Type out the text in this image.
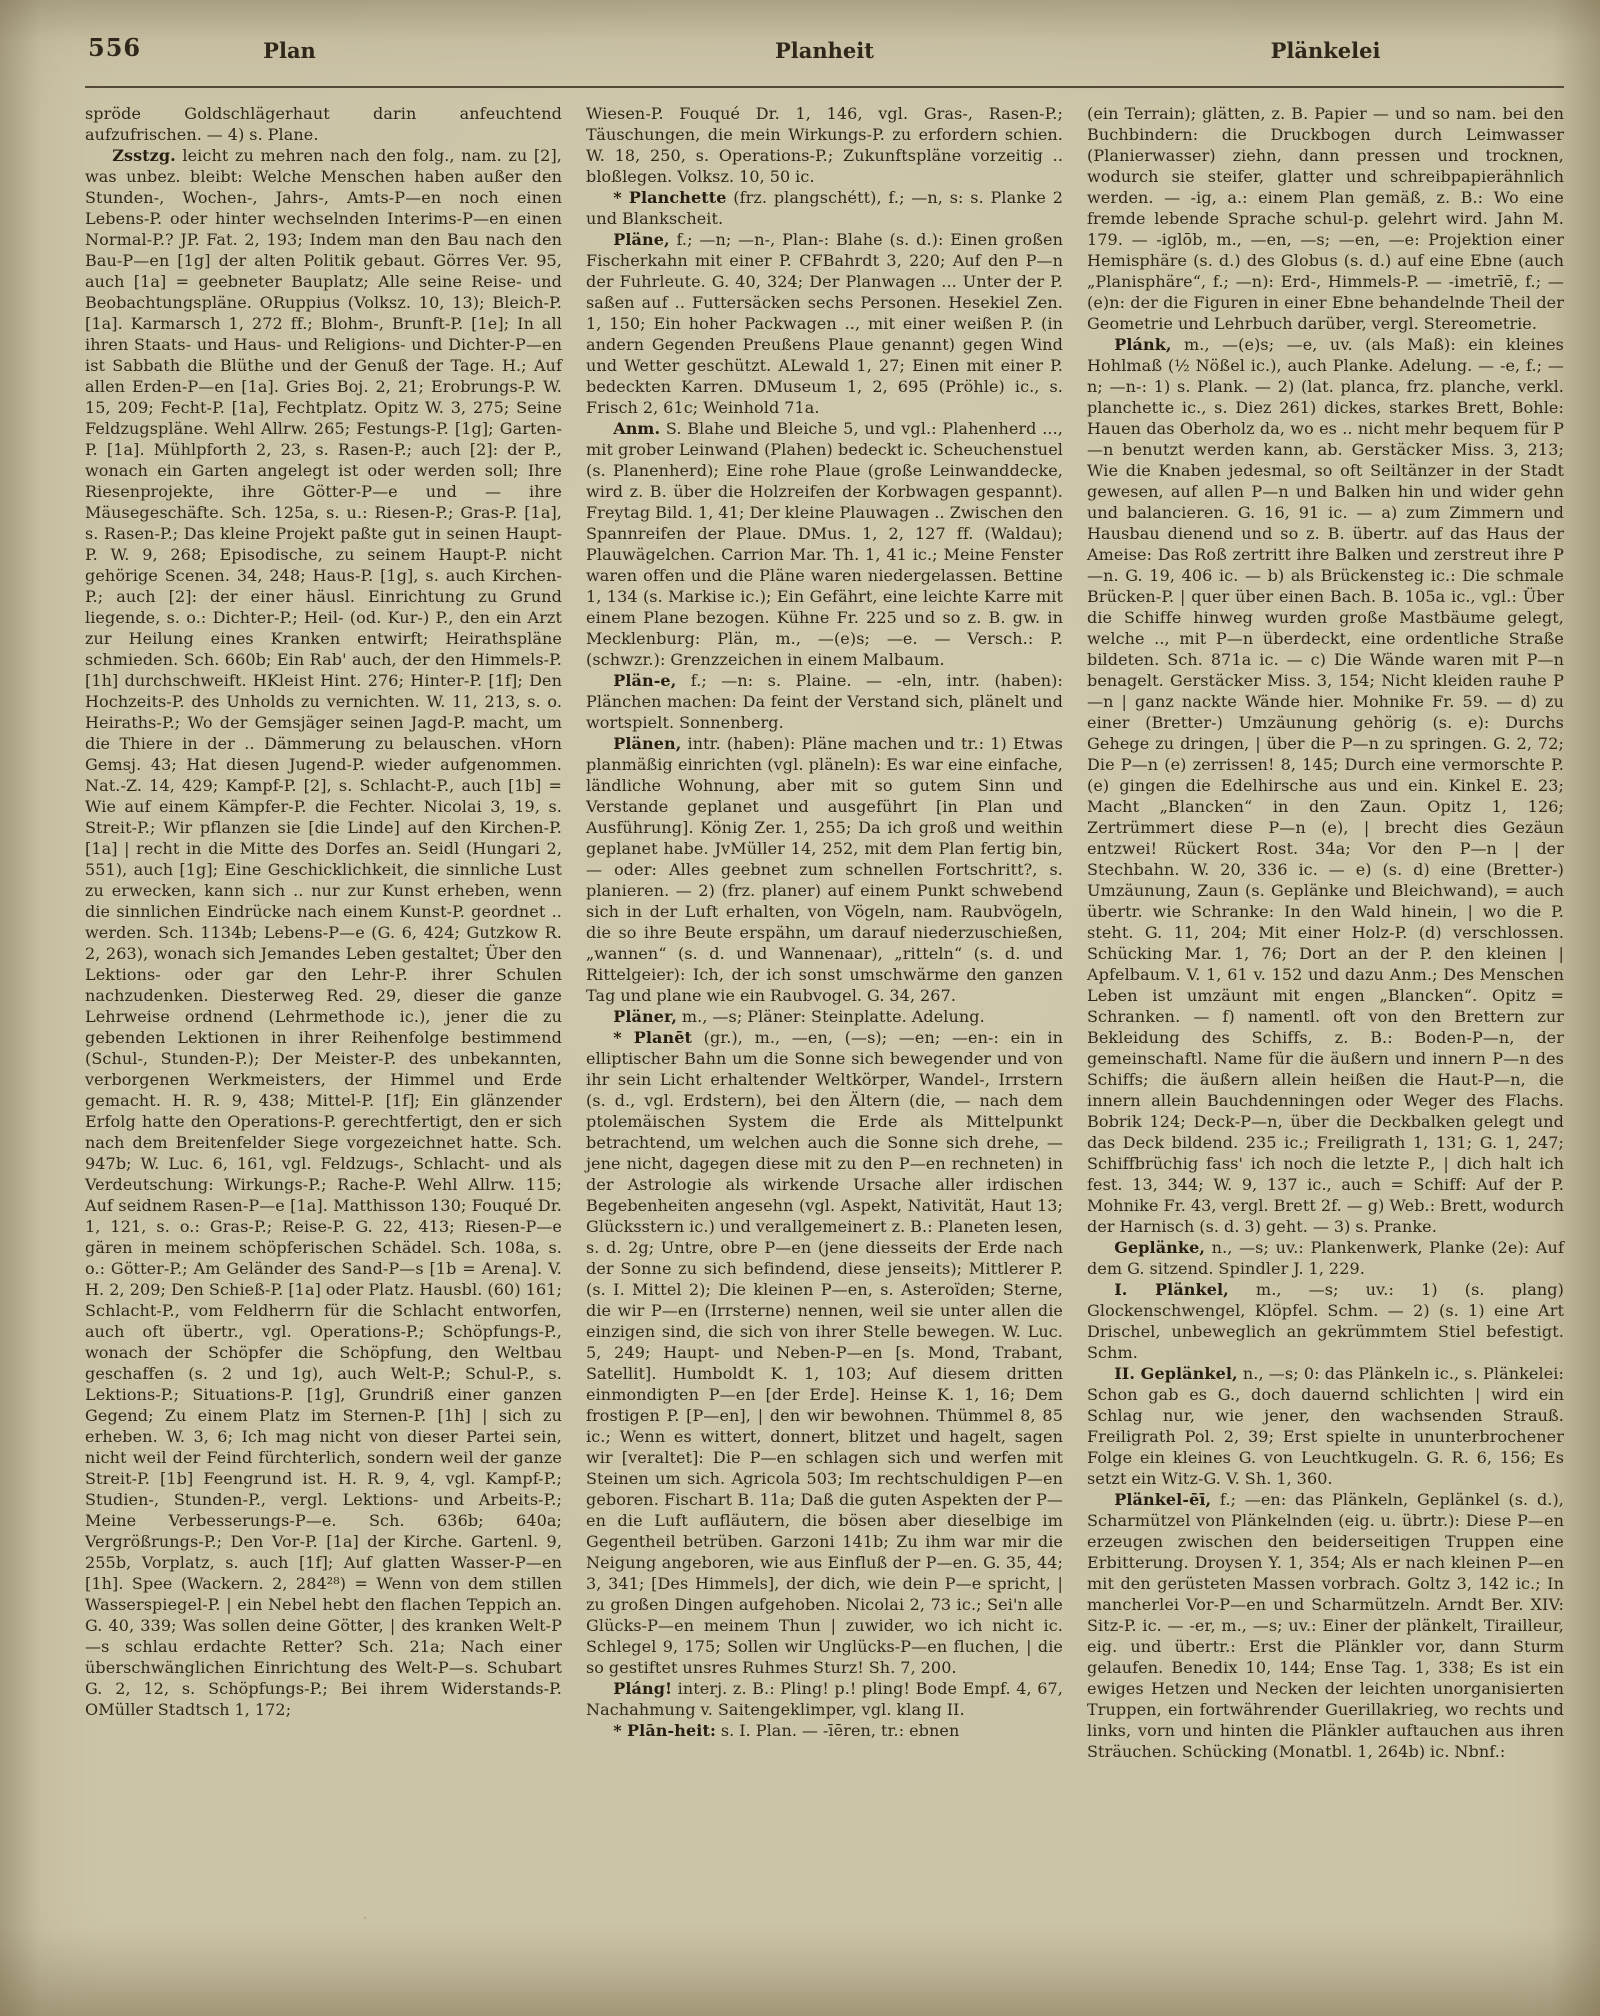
556	Plan	Planheit	Plänkelei

spröde Goldschlägerhaut darin anfeuchtend aufzufrischen. — 4) s. Plane.

Zsstzg. leicht zu mehren nach den folg., nam. zu [2], was unbez. bleibt: Welche Menschen haben außer den Stunden-, Wochen-, Jahrs-, Amts-P—en noch einen Lebens-P. oder hinter wechselnden Interims-P—en einen Normal-P.? JP. Fat. 2, 193; Indem man den Bau nach den Bau-P—en [1g] der alten Politik gebaut. Görres Ver. 95, auch [1a] = geebneter Bauplatz; Alle seine Reise- und Beobachtungspläne. ORuppius (Volksz. 10, 13); Bleich-P. [1a]. Karmarsch 1, 272 ff.; Blohm-, Brunft-P. [1e]; In all ihren Staats- und Haus- und Religions- und Dichter-P—en ist Sabbath die Blüthe und der Genuß der Tage. H.; Auf allen Erden-P—en [1a]. Gries Boj. 2, 21; Erobrungs-P. W. 15, 209; Fecht-P. [1a], Fechtplatz. Opitz W. 3, 275; Seine Feldzugspläne. Wehl Allrw. 265; Festungs-P. [1g]; Garten-P. [1a]. Mühlpforth 2, 23, s. Rasen-P.; auch [2]: der P., wonach ein Garten angelegt ist oder werden soll; Ihre Riesenprojekte, ihre Götter-P—e und — ihre Mäusegeschäfte. Sch. 125a, s. u.: Riesen-P.; Gras-P. [1a], s. Rasen-P.; Das kleine Projekt paßte gut in seinen Haupt-P. W. 9, 268; Episodische, zu seinem Haupt-P. nicht gehörige Scenen. 34, 248; Haus-P. [1g], s. auch Kirchen-P.; auch [2]: der einer häusl. Einrichtung zu Grund liegende, s. o.: Dichter-P.; Heil- (od. Kur-) P., den ein Arzt zur Heilung eines Kranken entwirft; Heirathspläne schmieden. Sch. 660b; Ein Rab' auch, der den Himmels-P. [1h] durchschweift. HKleist Hint. 276; Hinter-P. [1f]; Den Hochzeits-P. des Unholds zu vernichten. W. 11, 213, s. o. Heiraths-P.; Wo der Gemsjäger seinen Jagd-P. macht, um die Thiere in der .. Dämmerung zu belauschen. vHorn Gemsj. 43; Hat diesen Jugend-P. wieder aufgenommen. Nat.-Z. 14, 429; Kampf-P. [2], s. Schlacht-P., auch [1b] = Wie auf einem Kämpfer-P. die Fechter. Nicolai 3, 19, s. Streit-P.; Wir pflanzen sie [die Linde] auf den Kirchen-P. [1a] | recht in die Mitte des Dorfes an. Seidl (Hungari 2, 551), auch [1g]; Eine Geschicklichkeit, die sinnliche Lust zu erwecken, kann sich .. nur zur Kunst erheben, wenn die sinnlichen Eindrücke nach einem Kunst-P. geordnet .. werden. Sch. 1134b; Lebens-P—e (G. 6, 424; Gutzkow R. 2, 263), wonach sich Jemandes Leben gestaltet; Über den Lektions- oder gar den Lehr-P. ihrer Schulen nachzudenken. Diesterweg Red. 29, dieser die ganze Lehrweise ordnend (Lehrmethode ic.), jener die zu gebenden Lektionen in ihrer Reihenfolge bestimmend (Schul-, Stunden-P.); Der Meister-P. des unbekannten, verborgenen Werkmeisters, der Himmel und Erde gemacht. H. R. 9, 438; Mittel-P. [1f]; Ein glänzender Erfolg hatte den Operations-P. gerechtfertigt, den er sich nach dem Breitenfelder Siege vorgezeichnet hatte. Sch. 947b; W. Luc. 6, 161, vgl. Feldzugs-, Schlacht- und als Verdeutschung: Wirkungs-P.; Rache-P. Wehl Allrw. 115; Auf seidnem Rasen-P—e [1a]. Matthisson 130; Fouqué Dr. 1, 121, s. o.: Gras-P.; Reise-P. G. 22, 413; Riesen-P—e gären in meinem schöpferischen Schädel. Sch. 108a, s. o.: Götter-P.; Am Geländer des Sand-P—s [1b = Arena]. V. H. 2, 209; Den Schieß-P. [1a] oder Platz. Hausbl. (60) 161; Schlacht-P., vom Feldherrn für die Schlacht entworfen, auch oft übertr., vgl. Operations-P.; Schöpfungs-P., wonach der Schöpfer die Schöpfung, den Weltbau geschaffen (s. 2 und 1g), auch Welt-P.; Schul-P., s. Lektions-P.; Situations-P. [1g], Grundriß einer ganzen Gegend; Zu einem Platz im Sternen-P. [1h] | sich zu erheben. W. 3, 6; Ich mag nicht von dieser Partei sein, nicht weil der Feind fürchterlich, sondern weil der ganze Streit-P. [1b] Feengrund ist. H. R. 9, 4, vgl. Kampf-P.; Studien-, Stunden-P., vergl. Lektions- und Arbeits-P.; Meine Verbesserungs-P—e. Sch. 636b; 640a; Vergrößrungs-P.; Den Vor-P. [1a] der Kirche. Gartenl. 9, 255b, Vorplatz, s. auch [1f]; Auf glatten Wasser-P—en [1h]. Spee (Wackern. 2, 284²⁸) = Wenn von dem stillen Wasserspiegel-P. | ein Nebel hebt den flachen Teppich an. G. 40, 339; Was sollen deine Götter, | des kranken Welt-P—s schlau erdachte Retter? Sch. 21a; Nach einer überschwänglichen Einrichtung des Welt-P—s. Schubart G. 2, 12, s. Schöpfungs-P.; Bei ihrem Widerstands-P. OMüller Stadtsch 1, 172;

Wiesen-P. Fouqué Dr. 1, 146, vgl. Gras-, Rasen-P.; Täuschungen, die mein Wirkungs-P. zu erfordern schien. W. 18, 250, s. Operations-P.; Zukunftspläne vorzeitig .. bloßlegen. Volksz. 10, 50 ic.

* Planchette (frz. plangschétt), f.; —n, s: s. Planke 2 und Blankscheit.

Pläne, f.; —n; —n-, Plan-: Blahe (s. d.): Einen großen Fischerkahn mit einer P. CFBahrdt 3, 220; Auf den P—n der Fuhrleute. G. 40, 324; Der Planwagen ... Unter der P. saßen auf .. Futtersäcken sechs Personen. Hesekiel Zen. 1, 150; Ein hoher Packwagen .., mit einer weißen P. (in andern Gegenden Preußens Plaue genannt) gegen Wind und Wetter geschützt. ALewald 1, 27; Einen mit einer P. bedeckten Karren. DMuseum 1, 2, 695 (Pröhle) ic., s. Frisch 2, 61c; Weinhold 71a.

Anm. S. Blahe und Bleiche 5, und vgl.: Plahenherd ..., mit grober Leinwand (Plahen) bedeckt ic. Scheuchenstuel (s. Planenherd); Eine rohe Plaue (große Leinwanddecke, wird z. B. über die Holzreifen der Korbwagen gespannt). Freytag Bild. 1, 41; Der kleine Plauwagen .. Zwischen den Spannreifen der Plaue. DMus. 1, 2, 127 ff. (Waldau); Plauwägelchen. Carrion Mar. Th. 1, 41 ic.; Meine Fenster waren offen und die Pläne waren niedergelassen. Bettine 1, 134 (s. Markise ic.); Ein Gefährt, eine leichte Karre mit einem Plane bezogen. Kühne Fr. 225 und so z. B. gw. in Mecklenburg: Plän, m., —(e)s; —e. — Versch.: P. (schwzr.): Grenzzeichen in einem Malbaum.

Plän-e, f.; —n: s. Plaine. — -eln, intr. (haben): Plänchen machen: Da feint der Verstand sich, plänelt und wortspielt. Sonnenberg.

Plänen, intr. (haben): Pläne machen und tr.: 1) Etwas planmäßig einrichten (vgl. pläneln): Es war eine einfache, ländliche Wohnung, aber mit so gutem Sinn und Verstande geplanet und ausgeführt [in Plan und Ausführung]. König Zer. 1, 255; Da ich groß und weithin geplanet habe. JvMüller 14, 252, mit dem Plan fertig bin, — oder: Alles geebnet zum schnellen Fortschritt?, s. planieren. — 2) (frz. planer) auf einem Punkt schwebend sich in der Luft erhalten, von Vögeln, nam. Raubvögeln, die so ihre Beute erspähn, um darauf niederzuschießen, „wannen“ (s. d. und Wannenaar), „ritteln“ (s. d. und Rittelgeier): Ich, der ich sonst umschwärme den ganzen Tag und plane wie ein Raubvogel. G. 34, 267.

Pläner, m., —s; Pläner: Steinplatte. Adelung.

* Planēt (gr.), m., —en, (—s); —en; —en-: ein in elliptischer Bahn um die Sonne sich bewegender und von ihr sein Licht erhaltender Weltkörper, Wandel-, Irrstern (s. d., vgl. Erdstern), bei den Ältern (die, — nach dem ptolemäischen System die Erde als Mittelpunkt betrachtend, um welchen auch die Sonne sich drehe, — jene nicht, dagegen diese mit zu den P—en rechneten) in der Astrologie als wirkende Ursache aller irdischen Begebenheiten angesehn (vgl. Aspekt, Nativität, Haut 13; Glücksstern ic.) und verallgemeinert z. B.: Planeten lesen, s. d. 2g; Untre, obre P—en (jene diesseits der Erde nach der Sonne zu sich befindend, diese jenseits); Mittlerer P. (s. I. Mittel 2); Die kleinen P—en, s. Asteroïden; Sterne, die wir P—en (Irrsterne) nennen, weil sie unter allen die einzigen sind, die sich von ihrer Stelle bewegen. W. Luc. 5, 249; Haupt- und Neben-P—en [s. Mond, Trabant, Satellit]. Humboldt K. 1, 103; Auf diesem dritten einmondigten P—en [der Erde]. Heinse K. 1, 16; Dem frostigen P. [P—en], | den wir bewohnen. Thümmel 8, 85 ic.; Wenn es wittert, donnert, blitzet und hagelt, sagen wir [veraltet]: Die P—en schlagen sich und werfen mit Steinen um sich. Agricola 503; Im rechtschuldigen P—en geboren. Fischart B. 11a; Daß die guten Aspekten der P—en die Luft aufläutern, die bösen aber dieselbige im Gegentheil betrüben. Garzoni 141b; Zu ihm war mir die Neigung angeboren, wie aus Einfluß der P—en. G. 35, 44; 3, 341; [Des Himmels], der dich, wie dein P—e spricht, | zu großen Dingen aufgehoben. Nicolai 2, 73 ic.; Sei'n alle Glücks-P—en meinem Thun | zuwider, wo ich nicht ic. Schlegel 9, 175; Sollen wir Unglücks-P—en fluchen, | die so gestiftet unsres Ruhmes Sturz! Sh. 7, 200.

Pláng! interj. z. B.: Pling! p.! pling! Bode Empf. 4, 67, Nachahmung v. Saitengeklimper, vgl. klang II.

* Plān-heit: s. I. Plan. — -īēren, tr.: ebnen

(ein Terrain); glätten, z. B. Papier — und so nam. bei den Buchbindern: die Druckbogen durch Leimwasser (Planierwasser) ziehn, dann pressen und trocknen, wodurch sie steifer, glatter und schreibpapierähnlich werden. — -ig, a.: einem Plan gemäß, z. B.: Wo eine fremde lebende Sprache schul-p. gelehrt wird. Jahn M. 179. — -iglōb, m., —en, —s; —en, —e: Projektion einer Hemisphäre (s. d.) des Globus (s. d.) auf eine Ebne (auch „Planisphäre“, f.; —n): Erd-, Himmels-P. — -imetrīē, f.; —(e)n: der die Figuren in einer Ebne behandelnde Theil der Geometrie und Lehrbuch darüber, vergl. Stereometrie.

Plánk, m., —(e)s; —e, uv. (als Maß): ein kleines Hohlmaß (½ Nößel ic.), auch Planke. Adelung. — -e, f.; —n; —n-: 1) s. Plank. — 2) (lat. planca, frz. planche, verkl. planchette ic., s. Diez 261) dickes, starkes Brett, Bohle: Hauen das Oberholz da, wo es .. nicht mehr bequem für P—n benutzt werden kann, ab. Gerstäcker Miss. 3, 213; Wie die Knaben jedesmal, so oft Seiltänzer in der Stadt gewesen, auf allen P—n und Balken hin und wider gehn und balancieren. G. 16, 91 ic. — a) zum Zimmern und Hausbau dienend und so z. B. übertr. auf das Haus der Ameise: Das Roß zertritt ihre Balken und zerstreut ihre P—n. G. 19, 406 ic. — b) als Brückensteg ic.: Die schmale Brücken-P. | quer über einen Bach. B. 105a ic., vgl.: Über die Schiffe hinweg wurden große Mastbäume gelegt, welche .., mit P—n überdeckt, eine ordentliche Straße bildeten. Sch. 871a ic. — c) Die Wände waren mit P—n benagelt. Gerstäcker Miss. 3, 154; Nicht kleiden rauhe P—n | ganz nackte Wände hier. Mohnike Fr. 59. — d) zu einer (Bretter-) Umzäunung gehörig (s. e): Durchs Gehege zu dringen, | über die P—n zu springen. G. 2, 72; Die P—n (e) zerrissen! 8, 145; Durch eine vermorschte P. (e) gingen die Edelhirsche aus und ein. Kinkel E. 23; Macht „Blancken“ in den Zaun. Opitz 1, 126; Zertrümmert diese P—n (e), | brecht dies Gezäun entzwei! Rückert Rost. 34a; Vor den P—n | der Stechbahn. W. 20, 336 ic. — e) (s. d) eine (Bretter-) Umzäunung, Zaun (s. Geplänke und Bleichwand), = auch übertr. wie Schranke: In den Wald hinein, | wo die P. steht. G. 11, 204; Mit einer Holz-P. (d) verschlossen. Schücking Mar. 1, 76; Dort an der P. den kleinen | Apfelbaum. V. 1, 61 v. 152 und dazu Anm.; Des Menschen Leben ist umzäunt mit engen „Blancken“. Opitz = Schranken. — f) namentl. oft von den Brettern zur Bekleidung des Schiffs, z. B.: Boden-P—n, der gemeinschaftl. Name für die äußern und innern P—n des Schiffs; die äußern allein heißen die Haut-P—n, die innern allein Bauchdenningen oder Weger des Flachs. Bobrik 124; Deck-P—n, über die Deckbalken gelegt und das Deck bildend. 235 ic.; Freiligrath 1, 131; G. 1, 247; Schiffbrüchig fass' ich noch die letzte P., | dich halt ich fest. 13, 344; W. 9, 137 ic., auch = Schiff: Auf der P. Mohnike Fr. 43, vergl. Brett 2f. — g) Web.: Brett, wodurch der Harnisch (s. d. 3) geht. — 3) s. Pranke.

Geplänke, n., —s; uv.: Plankenwerk, Planke (2e): Auf dem G. sitzend. Spindler J. 1, 229.

I. Plänkel, m., —s; uv.: 1) (s. plang) Glockenschwengel, Klöpfel. Schm. — 2) (s. 1) eine Art Drischel, unbeweglich an gekrümmtem Stiel befestigt. Schm.

II. Geplänkel, n., —s; 0: das Plänkeln ic., s. Plänkelei: Schon gab es G., doch dauernd schlichten | wird ein Schlag nur, wie jener, den wachsenden Strauß. Freiligrath Pol. 2, 39; Erst spielte in ununterbrochener Folge ein kleines G. von Leuchtkugeln. G. R. 6, 156; Es setzt ein Witz-G. V. Sh. 1, 360.

Plänkel-ēī, f.; —en: das Plänkeln, Geplänkel (s. d.), Scharmützel von Plänkelnden (eig. u. übrtr.): Diese P—en erzeugen zwischen den beiderseitigen Truppen eine Erbitterung. Droysen Y. 1, 354; Als er nach kleinen P—en mit den gerüsteten Massen vorbrach. Goltz 3, 142 ic.; In mancherlei Vor-P—en und Scharmützeln. Arndt Ber. XIV: Sitz-P. ic. — -er, m., —s; uv.: Einer der plänkelt, Tirailleur, eig. und übertr.: Erst die Plänkler vor, dann Sturm gelaufen. Benedix 10, 144; Ense Tag. 1, 338; Es ist ein ewiges Hetzen und Necken der leichten unorganisierten Truppen, ein fortwährender Guerillakrieg, wo rechts und links, vorn und hinten die Plänkler auftauchen aus ihren Sträuchen. Schücking (Monatbl. 1, 264b) ic. Nbnf.:
